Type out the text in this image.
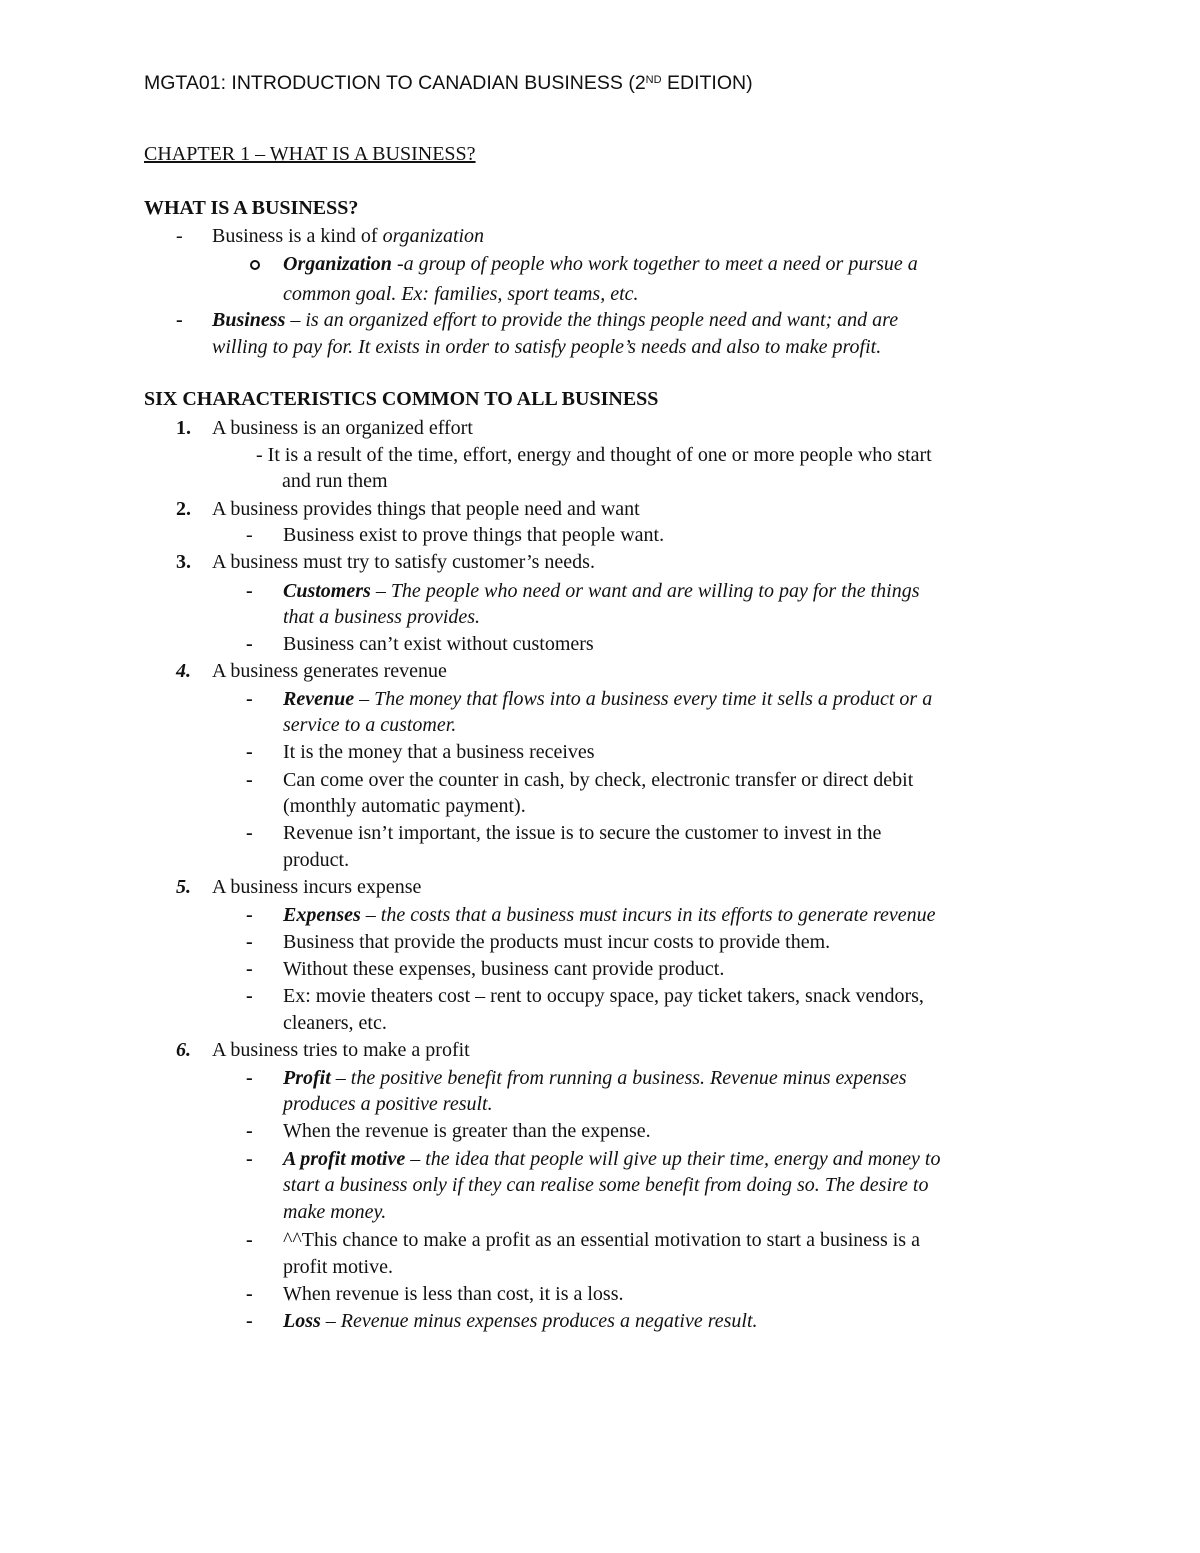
MGTA01: INTRODUCTION TO CANADIAN BUSINESS (2ND EDITION)
CHAPTER 1 – WHAT IS A BUSINESS?
WHAT IS A BUSINESS?
- Business is a kind of organization
Organization -a group of people who work together to meet a need or pursue a
common goal. Ex: families, sport teams, etc.
- Business – is an organized effort to provide the things people need and want; and are
willing to pay for. It exists in order to satisfy people’s needs and also to make profit.
SIX CHARACTERISTICS COMMON TO ALL BUSINESS
1. A business is an organized effort
- It is a result of the time, effort, energy and thought of one or more people who start
and run them
2. A business provides things that people need and want
- Business exist to prove things that people want.
3. A business must try to satisfy customer’s needs.
- Customers – The people who need or want and are willing to pay for the things
that a business provides.
- Business can’t exist without customers
4. A business generates revenue
- Revenue – The money that flows into a business every time it sells a product or a
service to a customer.
- It is the money that a business receives
- Can come over the counter in cash, by check, electronic transfer or direct debit
(monthly automatic payment).
- Revenue isn’t important, the issue is to secure the customer to invest in the
product.
5. A business incurs expense
- Expenses – the costs that a business must incurs in its efforts to generate revenue
- Business that provide the products must incur costs to provide them.
- Without these expenses, business cant provide product.
- Ex: movie theaters cost – rent to occupy space, pay ticket takers, snack vendors,
cleaners, etc.
6. A business tries to make a profit
- Profit – the positive benefit from running a business. Revenue minus expenses
produces a positive result.
- When the revenue is greater than the expense.
- A profit motive – the idea that people will give up their time, energy and money to
start a business only if they can realise some benefit from doing so. The desire to
make money.
- ^^This chance to make a profit as an essential motivation to start a business is a
profit motive.
- When revenue is less than cost, it is a loss.
- Loss – Revenue minus expenses produces a negative result.
